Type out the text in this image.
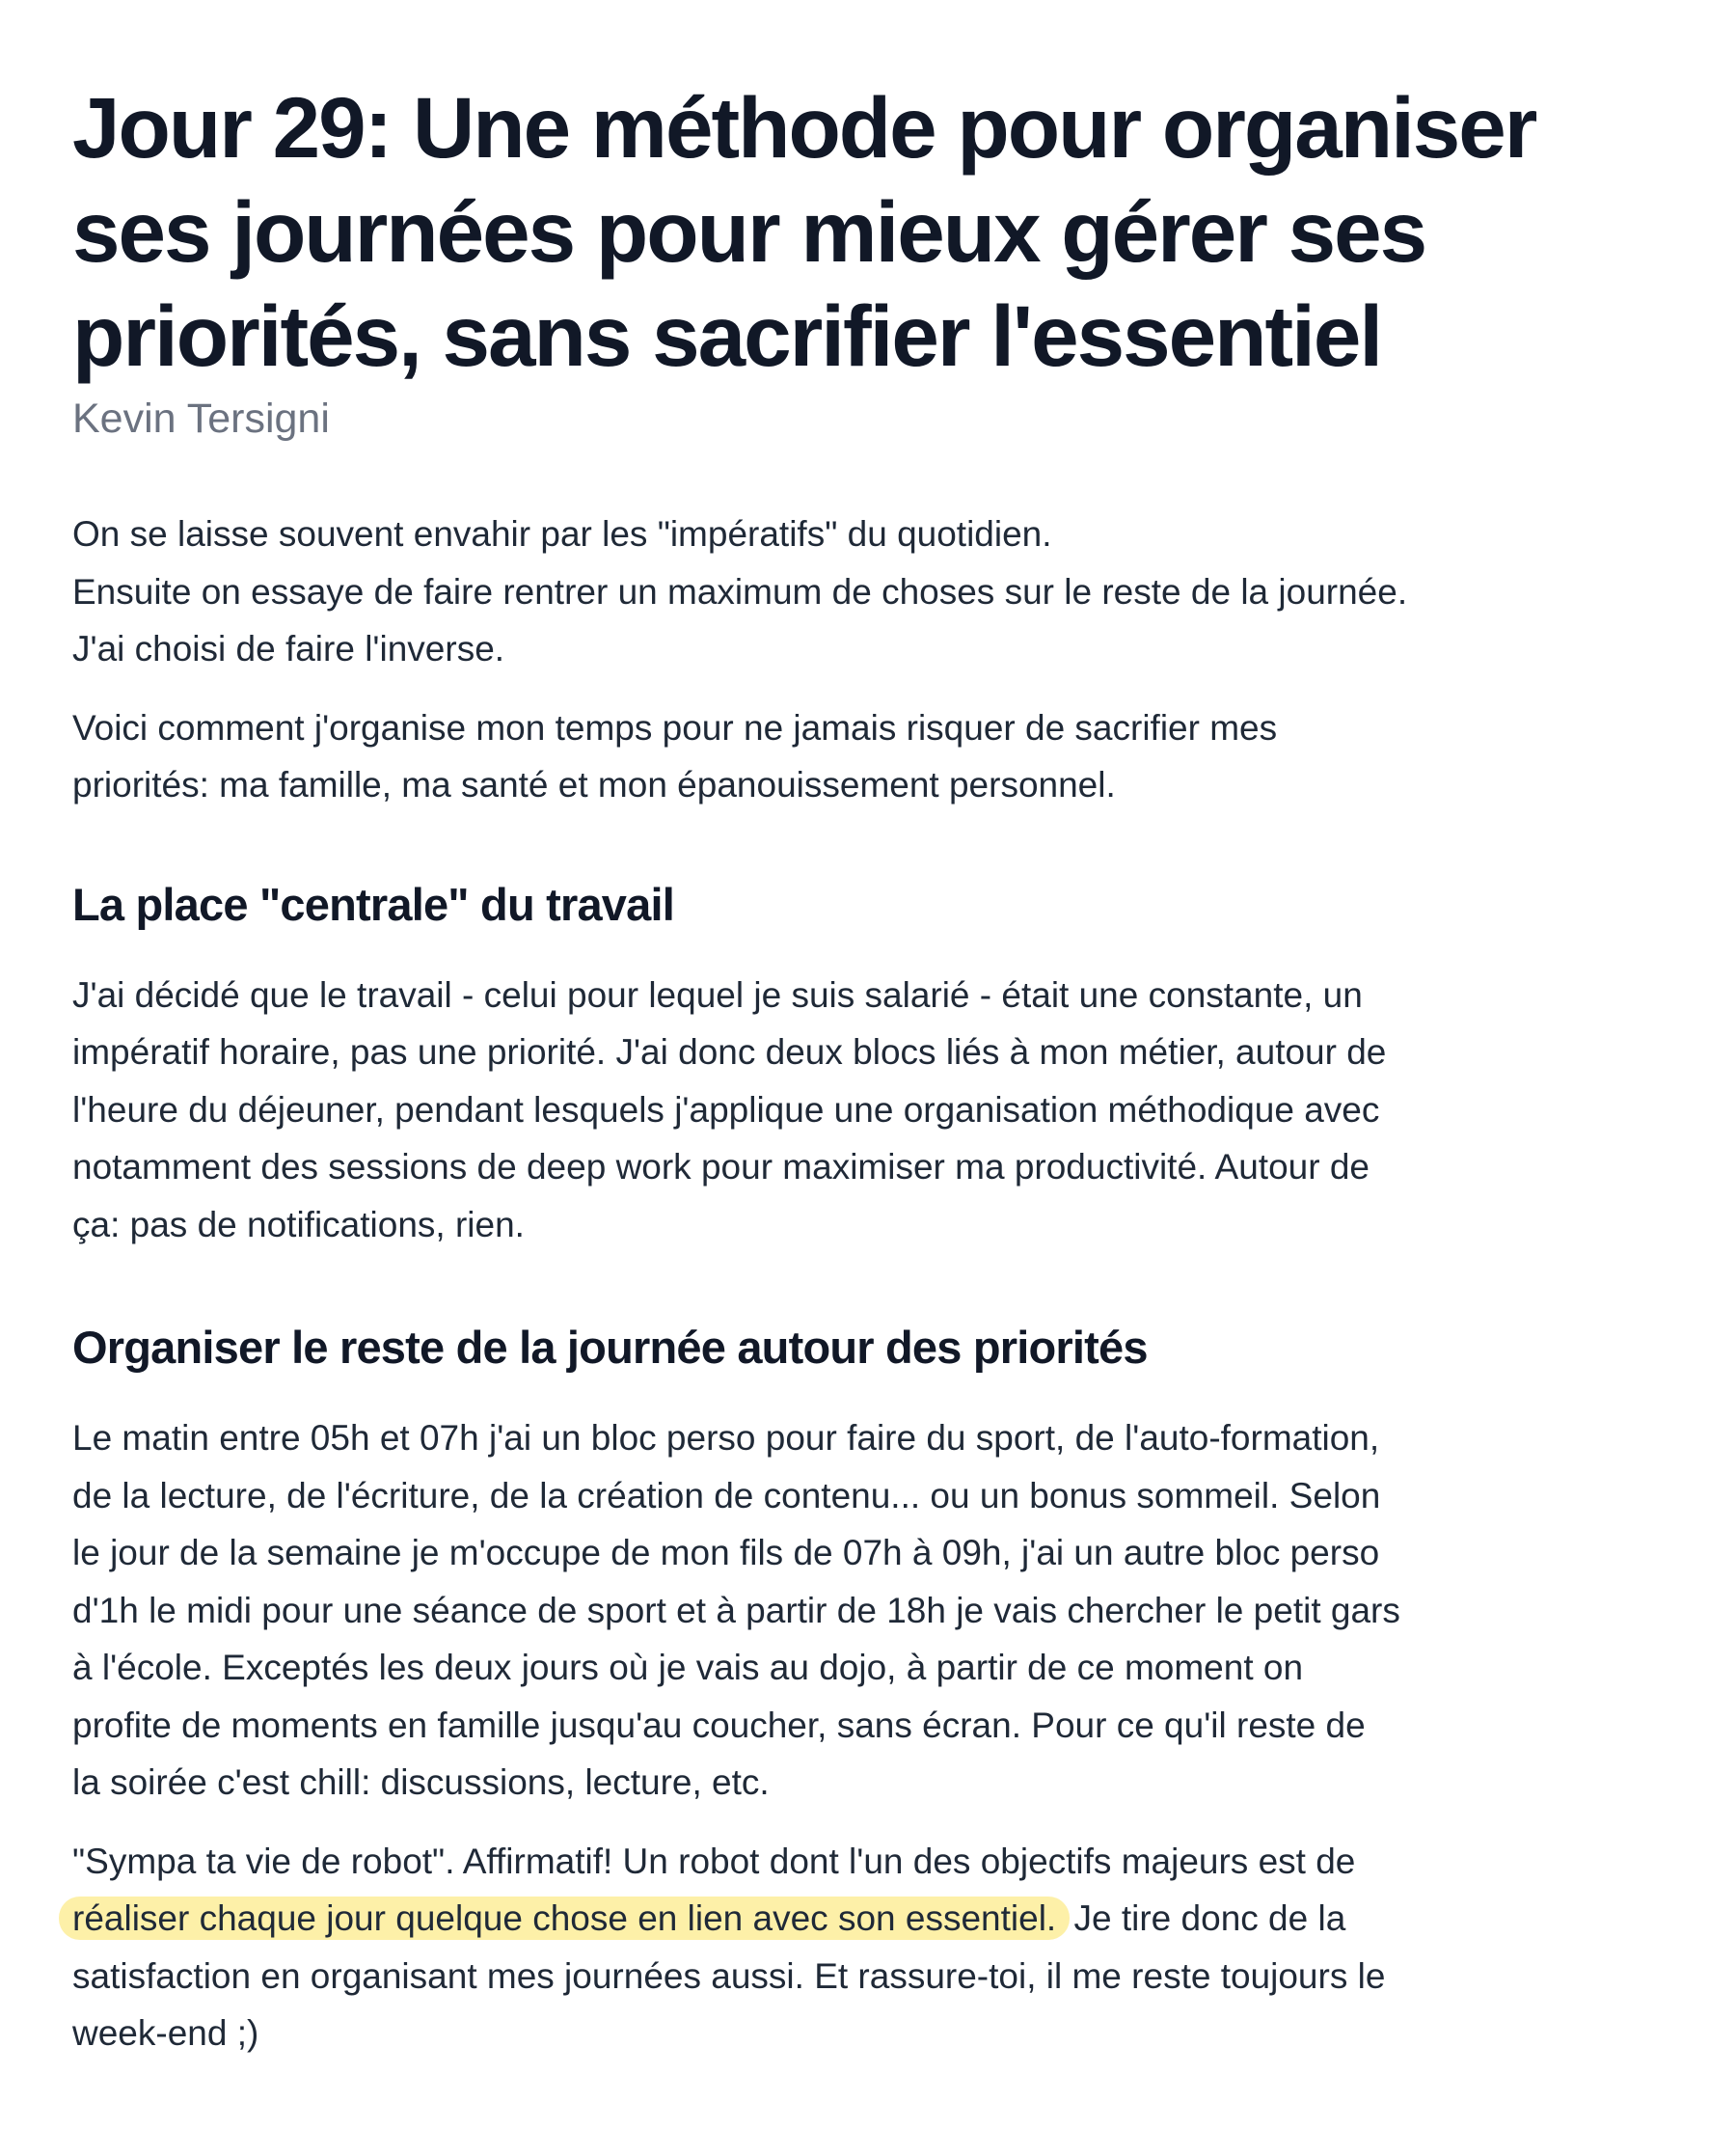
Jour 29: Une méthode pour organiser
ses journées pour mieux gérer ses
priorités, sans sacrifier l'essentiel

Kevin Tersigni

On se laisse souvent envahir par les "impératifs" du quotidien.
Ensuite on essaye de faire rentrer un maximum de choses sur le reste de la journée.
J'ai choisi de faire l'inverse.

Voici comment j'organise mon temps pour ne jamais risquer de sacrifier mes
priorités: ma famille, ma santé et mon épanouissement personnel.

La place "centrale" du travail

J'ai décidé que le travail - celui pour lequel je suis salarié - était une constante, un
impératif horaire, pas une priorité. J'ai donc deux blocs liés à mon métier, autour de
l'heure du déjeuner, pendant lesquels j'applique une organisation méthodique avec
notamment des sessions de deep work pour maximiser ma productivité. Autour de
ça: pas de notifications, rien.

Organiser le reste de la journée autour des priorités

Le matin entre 05h et 07h j'ai un bloc perso pour faire du sport, de l'auto-formation,
de la lecture, de l'écriture, de la création de contenu... ou un bonus sommeil. Selon
le jour de la semaine je m'occupe de mon fils de 07h à 09h, j'ai un autre bloc perso
d'1h le midi pour une séance de sport et à partir de 18h je vais chercher le petit gars
à l'école. Exceptés les deux jours où je vais au dojo, à partir de ce moment on
profite de moments en famille jusqu'au coucher, sans écran. Pour ce qu'il reste de
la soirée c'est chill: discussions, lecture, etc.

"Sympa ta vie de robot". Affirmatif! Un robot dont l'un des objectifs majeurs est de
réaliser chaque jour quelque chose en lien avec son essentiel. Je tire donc de la
satisfaction en organisant mes journées aussi. Et rassure-toi, il me reste toujours le
week-end ;)
